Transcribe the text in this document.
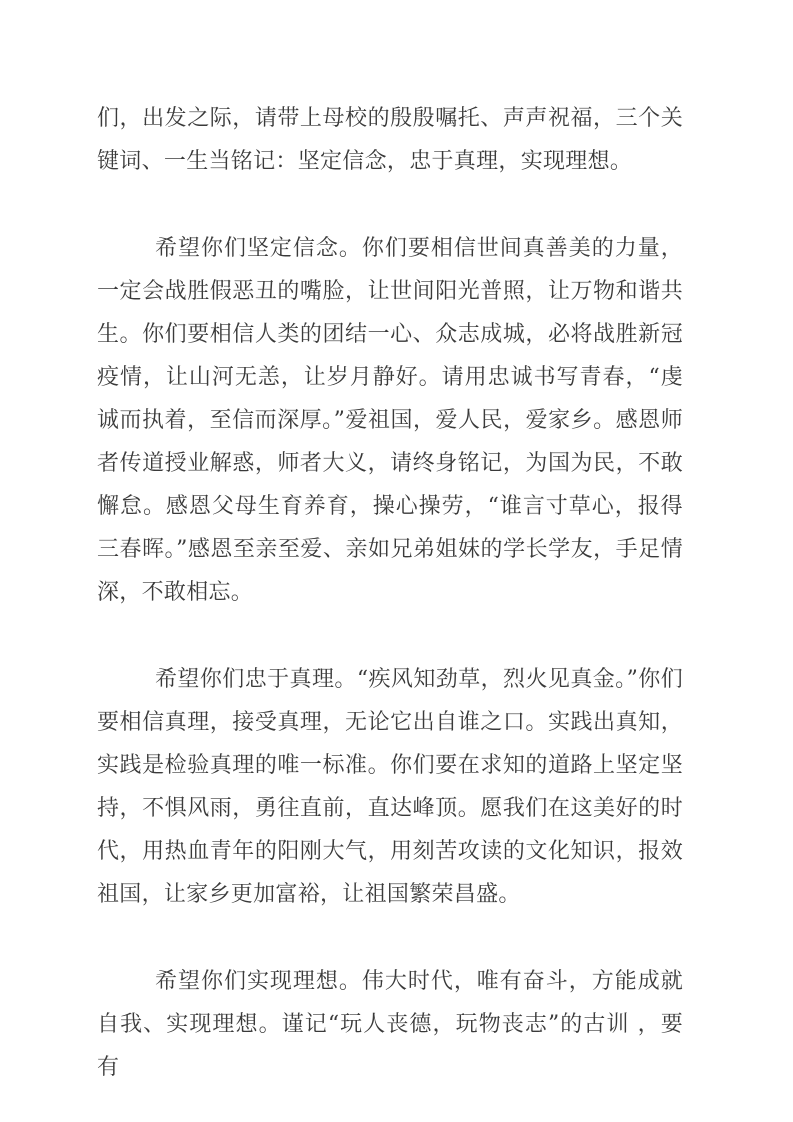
们，出发之际，请带上母校的殷殷嘱托、声声祝福，三个关键词、一生当铭记：坚定信念，忠于真理，实现理想。

希望你们坚定信念。你们要相信世间真善美的力量，一定会战胜假恶丑的嘴脸，让世间阳光普照，让万物和谐共生。你们要相信人类的团结一心、众志成城，必将战胜新冠疫情，让山河无恙，让岁月静好。请用忠诚书写青春，“虔诚而执着，至信而深厚。”爱祖国，爱人民，爱家乡。感恩师者传道授业解惑，师者大义，请终身铭记，为国为民，不敢懈怠。感恩父母生育养育，操心操劳，“谁言寸草心，报得三春晖。”感恩至亲至爱、亲如兄弟姐妹的学长学友，手足情深，不敢相忘。

希望你们忠于真理。“疾风知劲草，烈火见真金。”你们要相信真理，接受真理，无论它出自谁之口。实践出真知，实践是检验真理的唯一标准。你们要在求知的道路上坚定坚持，不惧风雨，勇往直前，直达峰顶。愿我们在这美好的时代，用热血青年的阳刚大气，用刻苦攻读的文化知识，报效祖国，让家乡更加富裕，让祖国繁荣昌盛。

希望你们实现理想。伟大时代，唯有奋斗，方能成就自我、实现理想。谨记“玩人丧德，玩物丧志”的古训 ，要有
